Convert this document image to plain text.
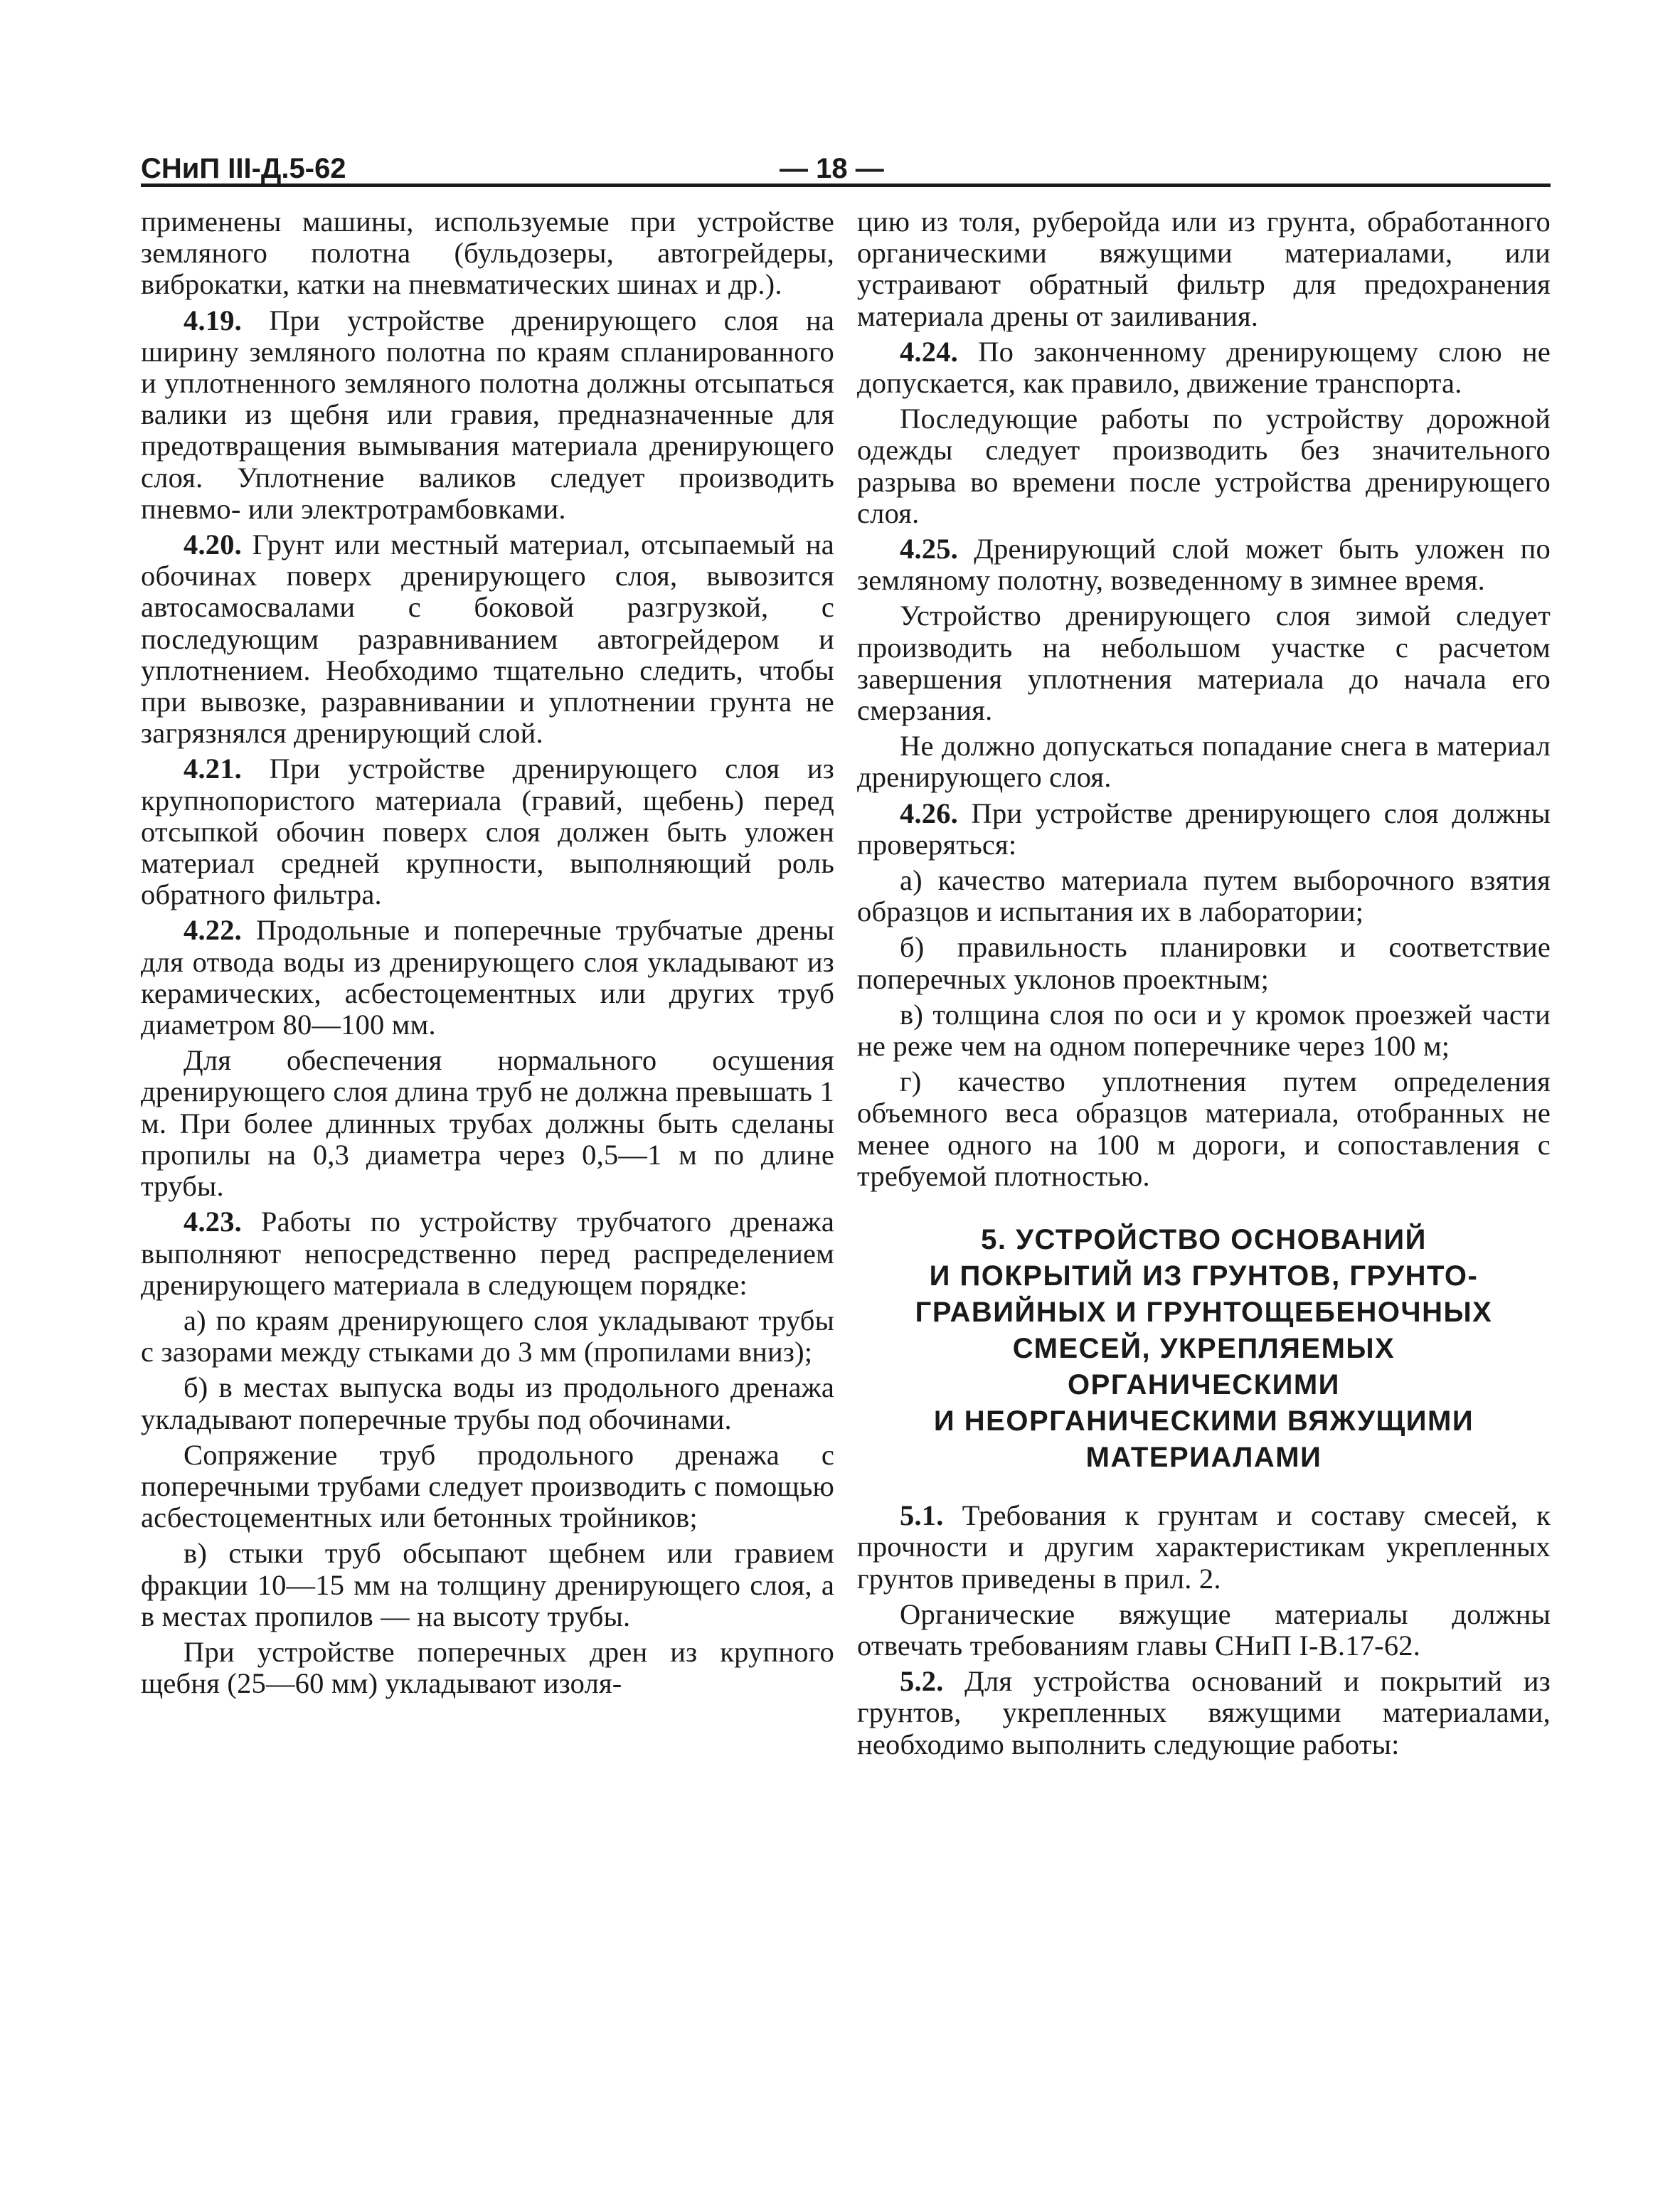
СНиП III-Д.5-62	— 18 —

применены машины, используемые при устройстве земляного полотна (бульдозеры, автогрейдеры, виброкатки, катки на пневматических шинах и др.).

4.19. При устройстве дренирующего слоя на ширину земляного полотна по краям спланированного и уплотненного земляного полотна должны отсыпаться валики из щебня или гравия, предназначенные для предотвращения вымывания материала дренирующего слоя. Уплотнение валиков следует производить пневмо- или электротрамбовками.

4.20. Грунт или местный материал, отсыпаемый на обочинах поверх дренирующего слоя, вывозится автосамосвалами с боковой разгрузкой, с последующим разравниванием автогрейдером и уплотнением. Необходимо тщательно следить, чтобы при вывозке, разравнивании и уплотнении грунта не загрязнялся дренирующий слой.

4.21. При устройстве дренирующего слоя из крупнопористого материала (гравий, щебень) перед отсыпкой обочин поверх слоя должен быть уложен материал средней крупности, выполняющий роль обратного фильтра.

4.22. Продольные и поперечные трубчатые дрены для отвода воды из дренирующего слоя укладывают из керамических, асбестоцементных или других труб диаметром 80—100 мм.

Для обеспечения нормального осушения дренирующего слоя длина труб не должна превышать 1 м. При более длинных трубах должны быть сделаны пропилы на 0,3 диаметра через 0,5—1 м по длине трубы.

4.23. Работы по устройству трубчатого дренажа выполняют непосредственно перед распределением дренирующего материала в следующем порядке:

а) по краям дренирующего слоя укладывают трубы с зазорами между стыками до 3 мм (пропилами вниз);

б) в местах выпуска воды из продольного дренажа укладывают поперечные трубы под обочинами.

Сопряжение труб продольного дренажа с поперечными трубами следует производить с помощью асбестоцементных или бетонных тройников;

в) стыки труб обсыпают щебнем или гравием фракции 10—15 мм на толщину дренирующего слоя, а в местах пропилов — на высоту трубы.

При устройстве поперечных дрен из крупного щебня (25—60 мм) укладывают изоля-

цию из толя, руберойда или из грунта, обработанного органическими вяжущими материалами, или устраивают обратный фильтр для предохранения материала дрены от заиливания.

4.24. По законченному дренирующему слою не допускается, как правило, движение транспорта.

Последующие работы по устройству дорожной одежды следует производить без значительного разрыва во времени после устройства дренирующего слоя.

4.25. Дренирующий слой может быть уложен по земляному полотну, возведенному в зимнее время.

Устройство дренирующего слоя зимой следует производить на небольшом участке с расчетом завершения уплотнения материала до начала его смерзания.

Не должно допускаться попадание снега в материал дренирующего слоя.

4.26. При устройстве дренирующего слоя должны проверяться:

а) качество материала путем выборочного взятия образцов и испытания их в лаборатории;

б) правильность планировки и соответствие поперечных уклонов проектным;

в) толщина слоя по оси и у кромок проезжей части не реже чем на одном поперечнике через 100 м;

г) качество уплотнения путем определения объемного веса образцов материала, отобранных не менее одного на 100 м дороги, и сопоставления с требуемой плотностью.

5. УСТРОЙСТВО ОСНОВАНИЙ
И ПОКРЫТИЙ ИЗ ГРУНТОВ, ГРУНТО-
ГРАВИЙНЫХ И ГРУНТОЩЕБЕНОЧНЫХ
СМЕСЕЙ, УКРЕПЛЯЕМЫХ
ОРГАНИЧЕСКИМИ
И НЕОРГАНИЧЕСКИМИ ВЯЖУЩИМИ
МАТЕРИАЛАМИ

5.1. Требования к грунтам и составу смесей, к прочности и другим характеристикам укрепленных грунтов приведены в прил. 2.

Органические вяжущие материалы должны отвечать требованиям главы СНиП I-В.17-62.

5.2. Для устройства оснований и покрытий из грунтов, укрепленных вяжущими материалами, необходимо выполнить следующие работы:
